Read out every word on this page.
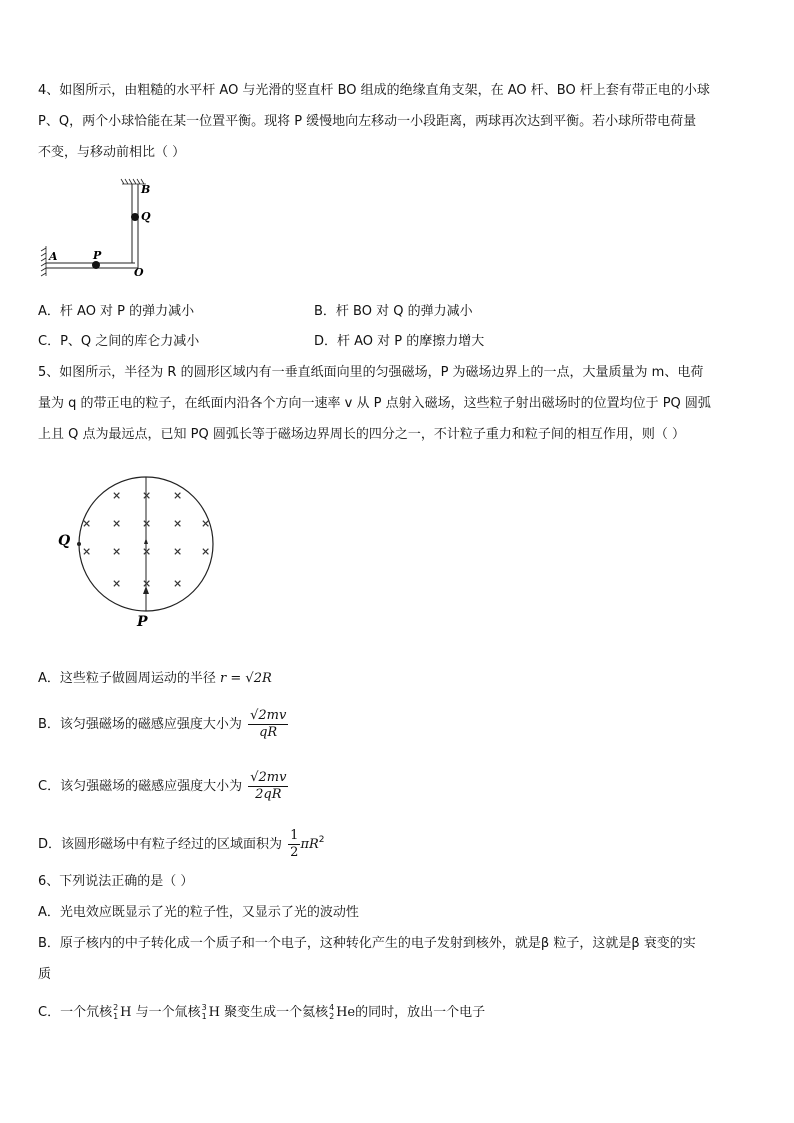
4、如图所示，由粗糙的水平杆 AO 与光滑的竖直杆 BO 组成的绝缘直角支架，在 AO 杆、BO 杆上套有带正电的小球
P、Q，两个小球恰能在某一位置平衡。现将 P 缓慢地向左移动一小段距离，两球再次达到平衡。若小球所带电荷量
不变，与移动前相比（ ）
B
Q
A	P
O
A．杆 AO 对 P 的弹力减小	B．杆 BO 对 Q 的弹力减小
C．P、Q 之间的库仑力减小	D．杆 AO 对 P 的摩擦力增大
5、如图所示，半径为 R 的圆形区域内有一垂直纸面向里的匀强磁场，P 为磁场边界上的一点，大量质量为 m、电荷
量为 q 的带正电的粒子，在纸面内沿各个方向一速率 v 从 P 点射入磁场，这些粒子射出磁场时的位置均位于 PQ 圆弧
上且 Q 点为最远点，已知 PQ 圆弧长等于磁场边界周长的四分之一，不计粒子重力和粒子间的相互作用，则（ ）
× × ×
× × × × ×
× × × × ×
× × ×
Q
P
A．这些粒子做圆周运动的半径 r = √2R
B．该匀强磁场的磁感应强度大小为 $\frac{√2mv}{qR}$
C．该匀强磁场的磁感应强度大小为 $\frac{√2mv}{2qR}$
D．该圆形磁场中有粒子经过的区域面积为 $\frac{1}{2} \pi R^2$
6、下列说法正确的是（ ）
A．光电效应既显示了光的粒子性，又显示了光的波动性
B．原子核内的中子转化成一个质子和一个电子，这种转化产生的电子发射到核外，就是β 粒子，这就是β 衰变的实
质
C．一个氘核 2
1 H 与一个氚核 3
1 H 聚变生成一个氦核 4
2 He的同时，放出一个电子
